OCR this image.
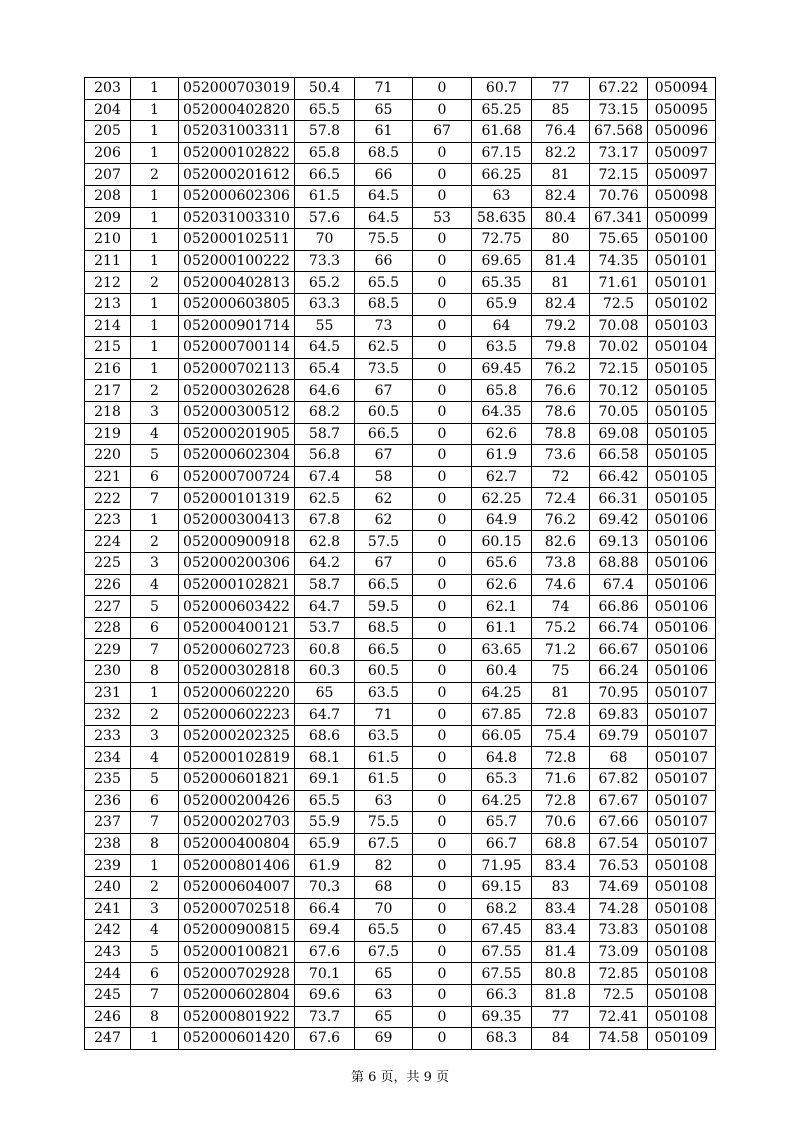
203	1	052000703019	50.4	71	0	60.7	77	67.22	050094
204	1	052000402820	65.5	65	0	65.25	85	73.15	050095
205	1	052031003311	57.8	61	67	61.68	76.4	67.568	050096
206	1	052000102822	65.8	68.5	0	67.15	82.2	73.17	050097
207	2	052000201612	66.5	66	0	66.25	81	72.15	050097
208	1	052000602306	61.5	64.5	0	63	82.4	70.76	050098
209	1	052031003310	57.6	64.5	53	58.635	80.4	67.341	050099
210	1	052000102511	70	75.5	0	72.75	80	75.65	050100
211	1	052000100222	73.3	66	0	69.65	81.4	74.35	050101
212	2	052000402813	65.2	65.5	0	65.35	81	71.61	050101
213	1	052000603805	63.3	68.5	0	65.9	82.4	72.5	050102
214	1	052000901714	55	73	0	64	79.2	70.08	050103
215	1	052000700114	64.5	62.5	0	63.5	79.8	70.02	050104
216	1	052000702113	65.4	73.5	0	69.45	76.2	72.15	050105
217	2	052000302628	64.6	67	0	65.8	76.6	70.12	050105
218	3	052000300512	68.2	60.5	0	64.35	78.6	70.05	050105
219	4	052000201905	58.7	66.5	0	62.6	78.8	69.08	050105
220	5	052000602304	56.8	67	0	61.9	73.6	66.58	050105
221	6	052000700724	67.4	58	0	62.7	72	66.42	050105
222	7	052000101319	62.5	62	0	62.25	72.4	66.31	050105
223	1	052000300413	67.8	62	0	64.9	76.2	69.42	050106
224	2	052000900918	62.8	57.5	0	60.15	82.6	69.13	050106
225	3	052000200306	64.2	67	0	65.6	73.8	68.88	050106
226	4	052000102821	58.7	66.5	0	62.6	74.6	67.4	050106
227	5	052000603422	64.7	59.5	0	62.1	74	66.86	050106
228	6	052000400121	53.7	68.5	0	61.1	75.2	66.74	050106
229	7	052000602723	60.8	66.5	0	63.65	71.2	66.67	050106
230	8	052000302818	60.3	60.5	0	60.4	75	66.24	050106
231	1	052000602220	65	63.5	0	64.25	81	70.95	050107
232	2	052000602223	64.7	71	0	67.85	72.8	69.83	050107
233	3	052000202325	68.6	63.5	0	66.05	75.4	69.79	050107
234	4	052000102819	68.1	61.5	0	64.8	72.8	68	050107
235	5	052000601821	69.1	61.5	0	65.3	71.6	67.82	050107
236	6	052000200426	65.5	63	0	64.25	72.8	67.67	050107
237	7	052000202703	55.9	75.5	0	65.7	70.6	67.66	050107
238	8	052000400804	65.9	67.5	0	66.7	68.8	67.54	050107
239	1	052000801406	61.9	82	0	71.95	83.4	76.53	050108
240	2	052000604007	70.3	68	0	69.15	83	74.69	050108
241	3	052000702518	66.4	70	0	68.2	83.4	74.28	050108
242	4	052000900815	69.4	65.5	0	67.45	83.4	73.83	050108
243	5	052000100821	67.6	67.5	0	67.55	81.4	73.09	050108
244	6	052000702928	70.1	65	0	67.55	80.8	72.85	050108
245	7	052000602804	69.6	63	0	66.3	81.8	72.5	050108
246	8	052000801922	73.7	65	0	69.35	77	72.41	050108
247	1	052000601420	67.6	69	0	68.3	84	74.58	050109
第 6 页，共 9 页
